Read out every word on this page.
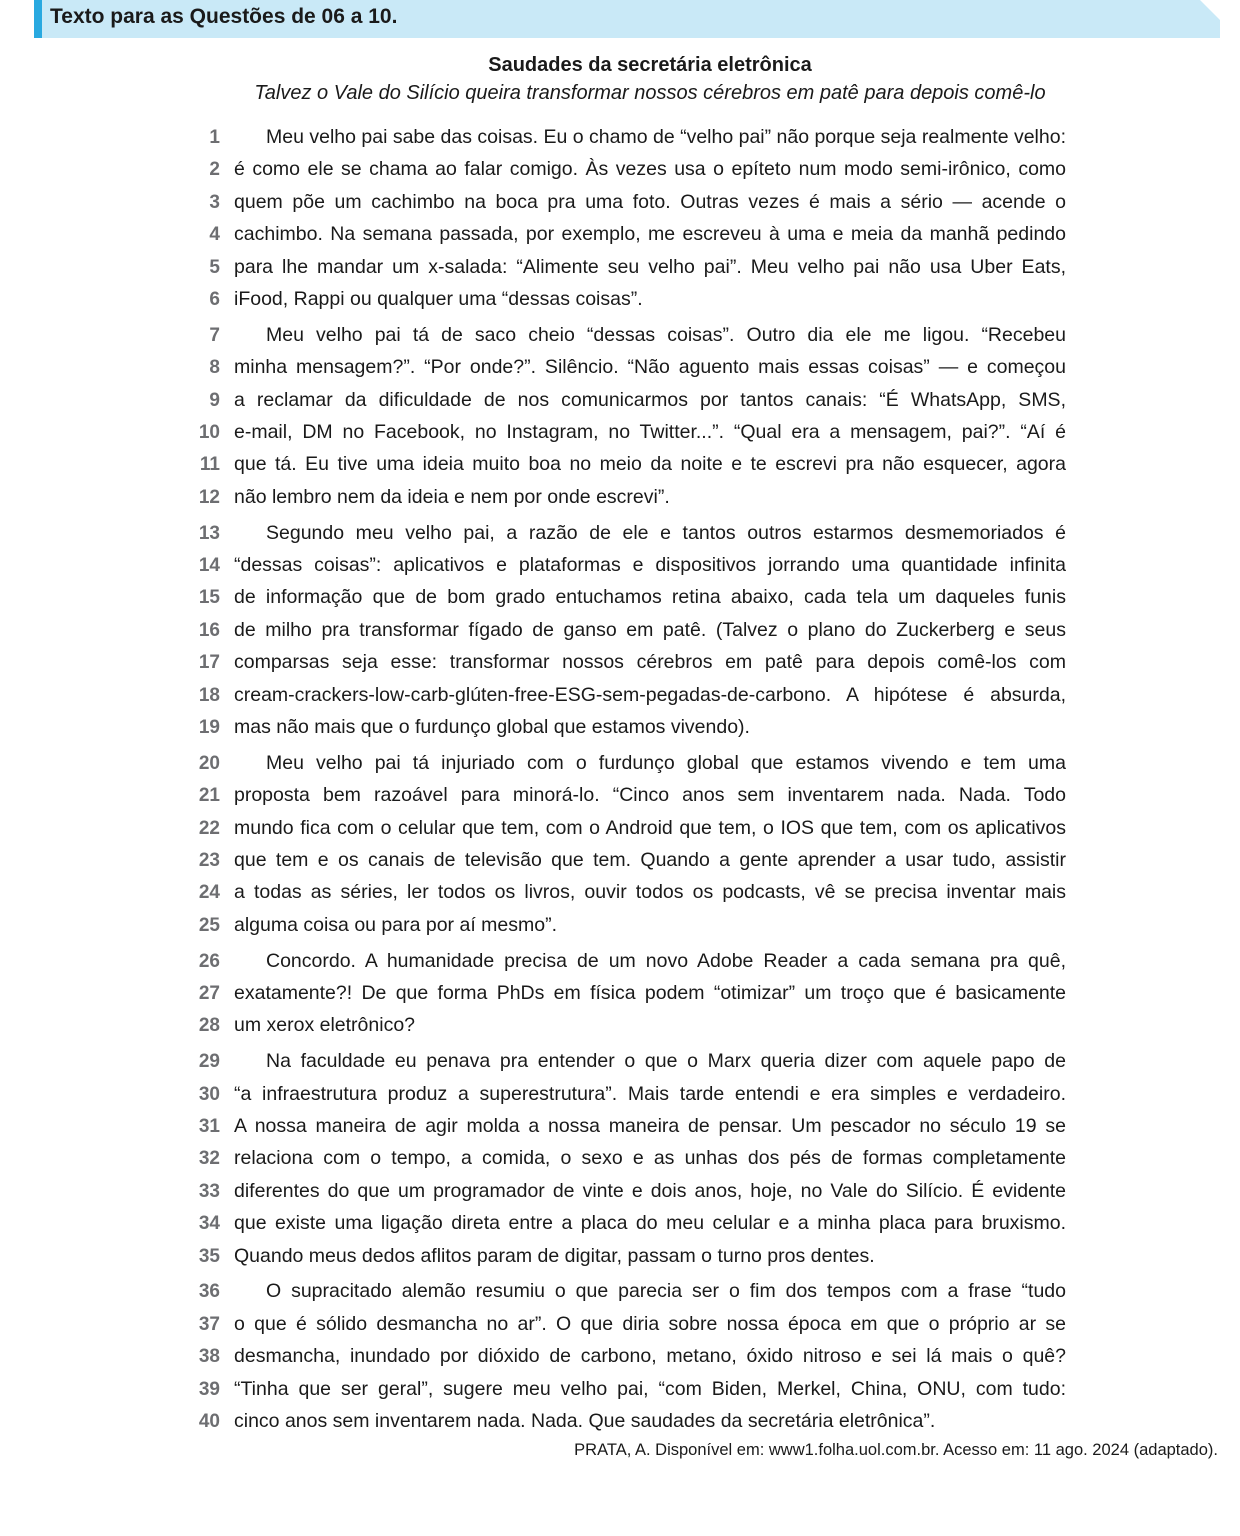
Texto para as Questões de 06 a 10.
Saudades da secretária eletrônica
Talvez o Vale do Silício queira transformar nossos cérebros em patê para depois comê-lo
1 Meu velho pai sabe das coisas. Eu o chamo de “velho pai” não porque seja realmente velho:
2 é como ele se chama ao falar comigo. Às vezes usa o epíteto num modo semi-irônico, como
3 quem põe um cachimbo na boca pra uma foto. Outras vezes é mais a sério — acende o
4 cachimbo. Na semana passada, por exemplo, me escreveu à uma e meia da manhã pedindo
5 para lhe mandar um x-salada: “Alimente seu velho pai”. Meu velho pai não usa Uber Eats,
6 iFood, Rappi ou qualquer uma “dessas coisas”.
7 Meu velho pai tá de saco cheio “dessas coisas”. Outro dia ele me ligou. “Recebeu
8 minha mensagem?”. “Por onde?”. Silêncio. “Não aguento mais essas coisas” — e começou
9 a reclamar da dificuldade de nos comunicarmos por tantos canais: “É WhatsApp, SMS,
10 e-mail, DM no Facebook, no Instagram, no Twitter...”. “Qual era a mensagem, pai?”. “Aí é
11 que tá. Eu tive uma ideia muito boa no meio da noite e te escrevi pra não esquecer, agora
12 não lembro nem da ideia e nem por onde escrevi”.
13 Segundo meu velho pai, a razão de ele e tantos outros estarmos desmemoriados é
14 “dessas coisas”: aplicativos e plataformas e dispositivos jorrando uma quantidade infinita
15 de informação que de bom grado entuchamos retina abaixo, cada tela um daqueles funis
16 de milho pra transformar fígado de ganso em patê. (Talvez o plano do Zuckerberg e seus
17 comparsas seja esse: transformar nossos cérebros em patê para depois comê-los com
18 cream-crackers-low-carb-glúten-free-ESG-sem-pegadas-de-carbono. A hipótese é absurda,
19 mas não mais que o furdunço global que estamos vivendo).
20 Meu velho pai tá injuriado com o furdunço global que estamos vivendo e tem uma
21 proposta bem razoável para minorá-lo. “Cinco anos sem inventarem nada. Nada. Todo
22 mundo fica com o celular que tem, com o Android que tem, o IOS que tem, com os aplicativos
23 que tem e os canais de televisão que tem. Quando a gente aprender a usar tudo, assistir
24 a todas as séries, ler todos os livros, ouvir todos os podcasts, vê se precisa inventar mais
25 alguma coisa ou para por aí mesmo”.
26 Concordo. A humanidade precisa de um novo Adobe Reader a cada semana pra quê,
27 exatamente?! De que forma PhDs em física podem “otimizar” um troço que é basicamente
28 um xerox eletrônico?
29 Na faculdade eu penava pra entender o que o Marx queria dizer com aquele papo de
30 “a infraestrutura produz a superestrutura”. Mais tarde entendi e era simples e verdadeiro.
31 A nossa maneira de agir molda a nossa maneira de pensar. Um pescador no século 19 se
32 relaciona com o tempo, a comida, o sexo e as unhas dos pés de formas completamente
33 diferentes do que um programador de vinte e dois anos, hoje, no Vale do Silício. É evidente
34 que existe uma ligação direta entre a placa do meu celular e a minha placa para bruxismo.
35 Quando meus dedos aflitos param de digitar, passam o turno pros dentes.
36 O supracitado alemão resumiu o que parecia ser o fim dos tempos com a frase “tudo
37 o que é sólido desmancha no ar”. O que diria sobre nossa época em que o próprio ar se
38 desmancha, inundado por dióxido de carbono, metano, óxido nitroso e sei lá mais o quê?
39 “Tinha que ser geral”, sugere meu velho pai, “com Biden, Merkel, China, ONU, com tudo:
40 cinco anos sem inventarem nada. Nada. Que saudades da secretária eletrônica”.
PRATA, A. Disponível em: www1.folha.uol.com.br. Acesso em: 11 ago. 2024 (adaptado).
